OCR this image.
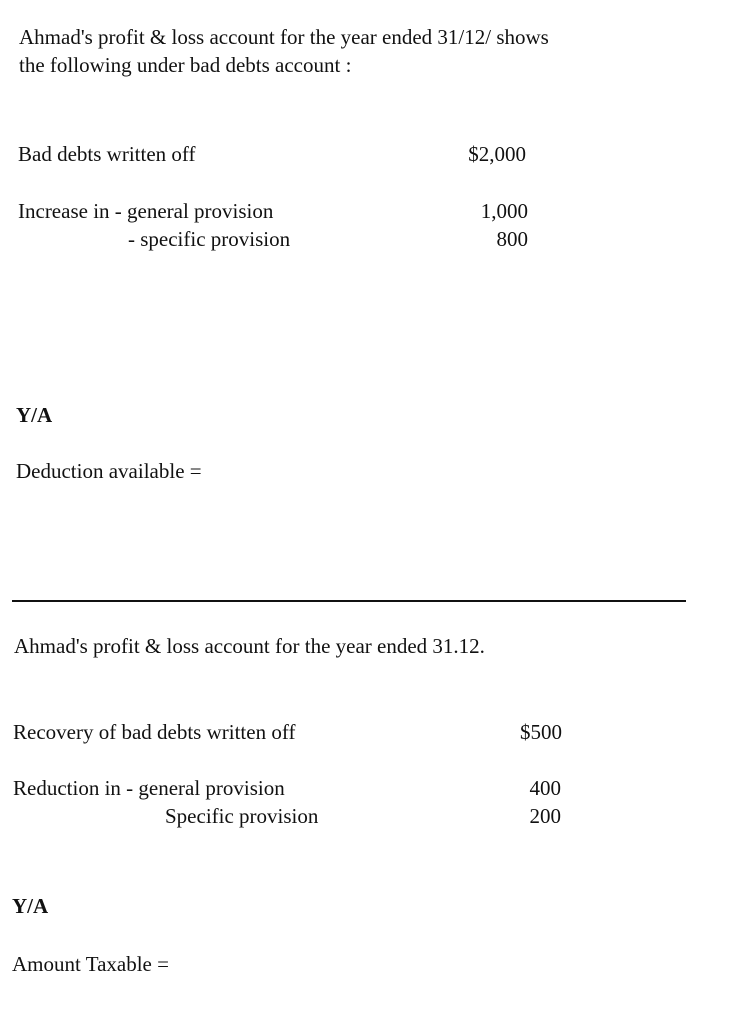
Ahmad's profit & loss account for the year ended 31/12/ shows
the following under bad debts account :
Bad debts written off	$2,000
Increase in - general provision	1,000
- specific provision	800
Y/A
Deduction available =
Ahmad's profit & loss account for the year ended 31.12.
Recovery of bad debts written off	$500
Reduction in - general provision	400
Specific provision	200
Y/A
Amount Taxable =
